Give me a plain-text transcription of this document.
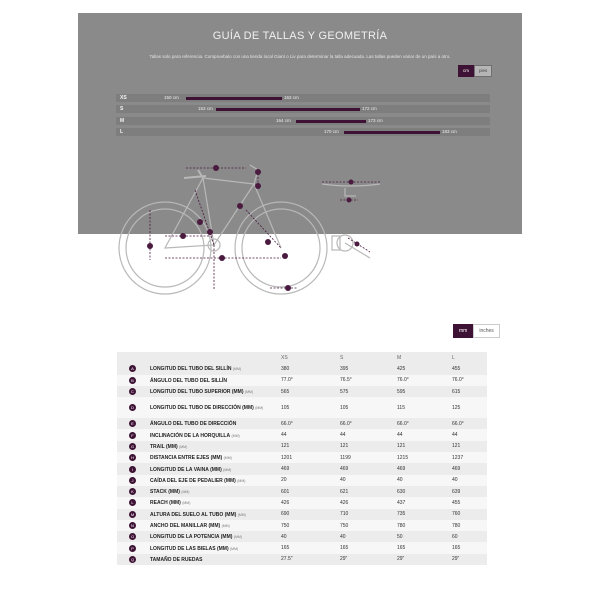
GUÍA DE TALLAS Y GEOMETRÍA
Tallas solo para referencia. Compruebalo con una tienda local Giant o Liv para determinar la talla adecuada. Las tallas pueden variar de un país a otro.
cm	pies
XS	150 cm	163 cm
S	153 cm	172 cm
M	164 cm	173 cm
L	170 cm	183 cm
mm	inches
	XS	S	M	L
A LONGITUD DEL TUBO DEL SILLÍN (MM)	380	395	425	455
B ÁNGULO DEL TUBO DEL SILLÍN	77.0°	76.5°	76.0°	76.0°
C LONGITUD DEL TUBO SUPERIOR (MM) (MM)	565	575	595	615
D LONGITUD DEL TUBO DE DIRECCIÓN (MM) (MM)	105	105	115	125
E ÁNGULO DEL TUBO DE DIRECCIÓN	66.0°	66.0°	66.0°	66.0°
F INCLINACIÓN DE LA HORQUILLA (MM)	44	44	44	44
G TRAIL (MM) (MM)	121	121	121	121
H DISTANCIA ENTRE EJES (MM) (MM)	1201	1199	1215	1237
I LONGITUD DE LA VAINA (MM) (MM)	469	469	469	469
J CAÍDA DEL EJE DE PEDALIER (MM) (MM)	20	40	40	40
K STACK (MM) (MM)	601	621	630	639
L REACH (MM) (MM)	426	426	437	455
M ALTURA DEL SUELO AL TUBO (MM) (MM)	690	710	735	760
N ANCHO DEL MANILLAR (MM) (MM)	750	750	780	780
O LONGITUD DE LA POTENCIA (MM) (MM)	40	40	50	60
P LONGITUD DE LAS BIELAS (MM) (MM)	165	165	165	165
Q TAMAÑO DE RUEDAS	27.5"	29"	29"	29"
